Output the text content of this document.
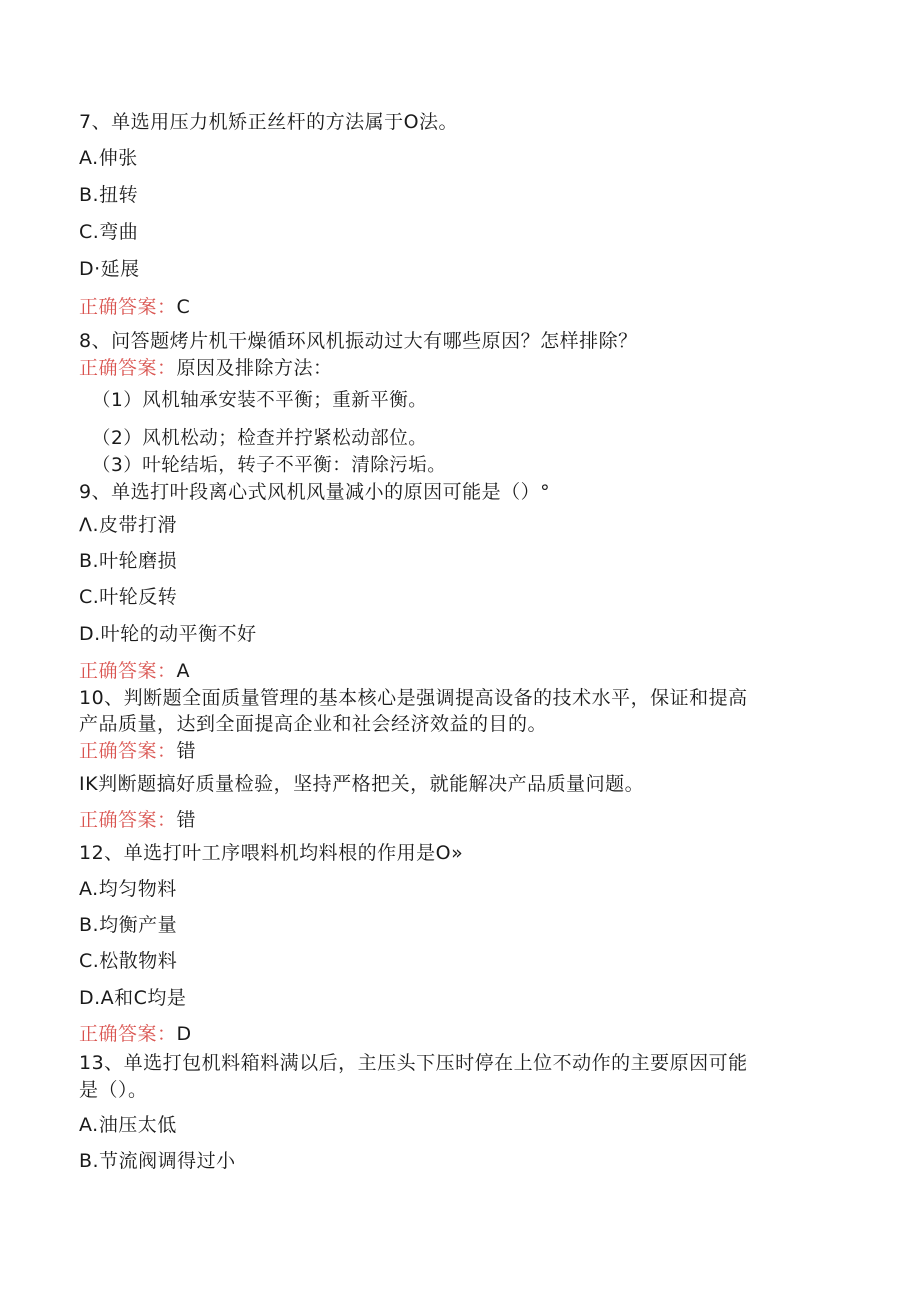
7、单选用压力机矫正丝杆的方法属于O法。
A.伸张
B.扭转
C.弯曲
D·延展
正确答案：C
8、问答题烤片机干燥循环风机振动过大有哪些原因？怎样排除？
正确答案：原因及排除方法：
（1）风机轴承安装不平衡；重新平衡。
（2）风机松动；检查并拧紧松动部位。
（3）叶轮结垢，转子不平衡：清除污垢。
9、单选打叶段离心式风机风量减小的原因可能是（）°
Λ.皮带打滑
B.叶轮磨损
C.叶轮反转
D.叶轮的动平衡不好
正确答案：A
10、判断题全面质量管理的基本核心是强调提高设备的技术水平，保证和提高
产品质量，达到全面提高企业和社会经济效益的目的。
正确答案：错
IK判断题搞好质量检验，坚持严格把关，就能解决产品质量问题。
正确答案：错
12、单选打叶工序喂料机均料根的作用是O»
A.均匀物料
B.均衡产量
C.松散物料
D.A和C均是
正确答案：D
13、单选打包机料箱料满以后，主压头下压时停在上位不动作的主要原因可能
是（）。
A.油压太低
B.节流阀调得过小
